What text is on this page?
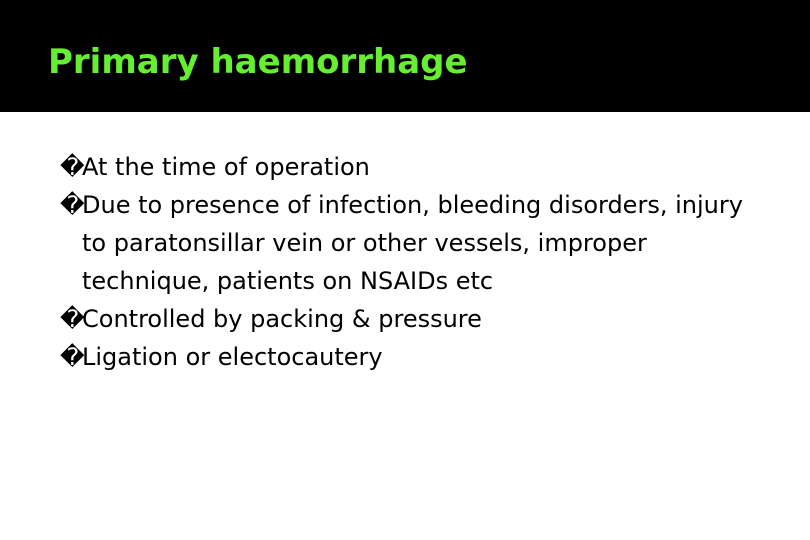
Primary haemorrhage
�
At the time of operation
�
Due to presence of infection, bleeding disorders, injury to paratonsillar vein or other vessels, improper technique, patients on NSAIDs etc
�
Controlled by packing & pressure
�
Ligation or electocautery
